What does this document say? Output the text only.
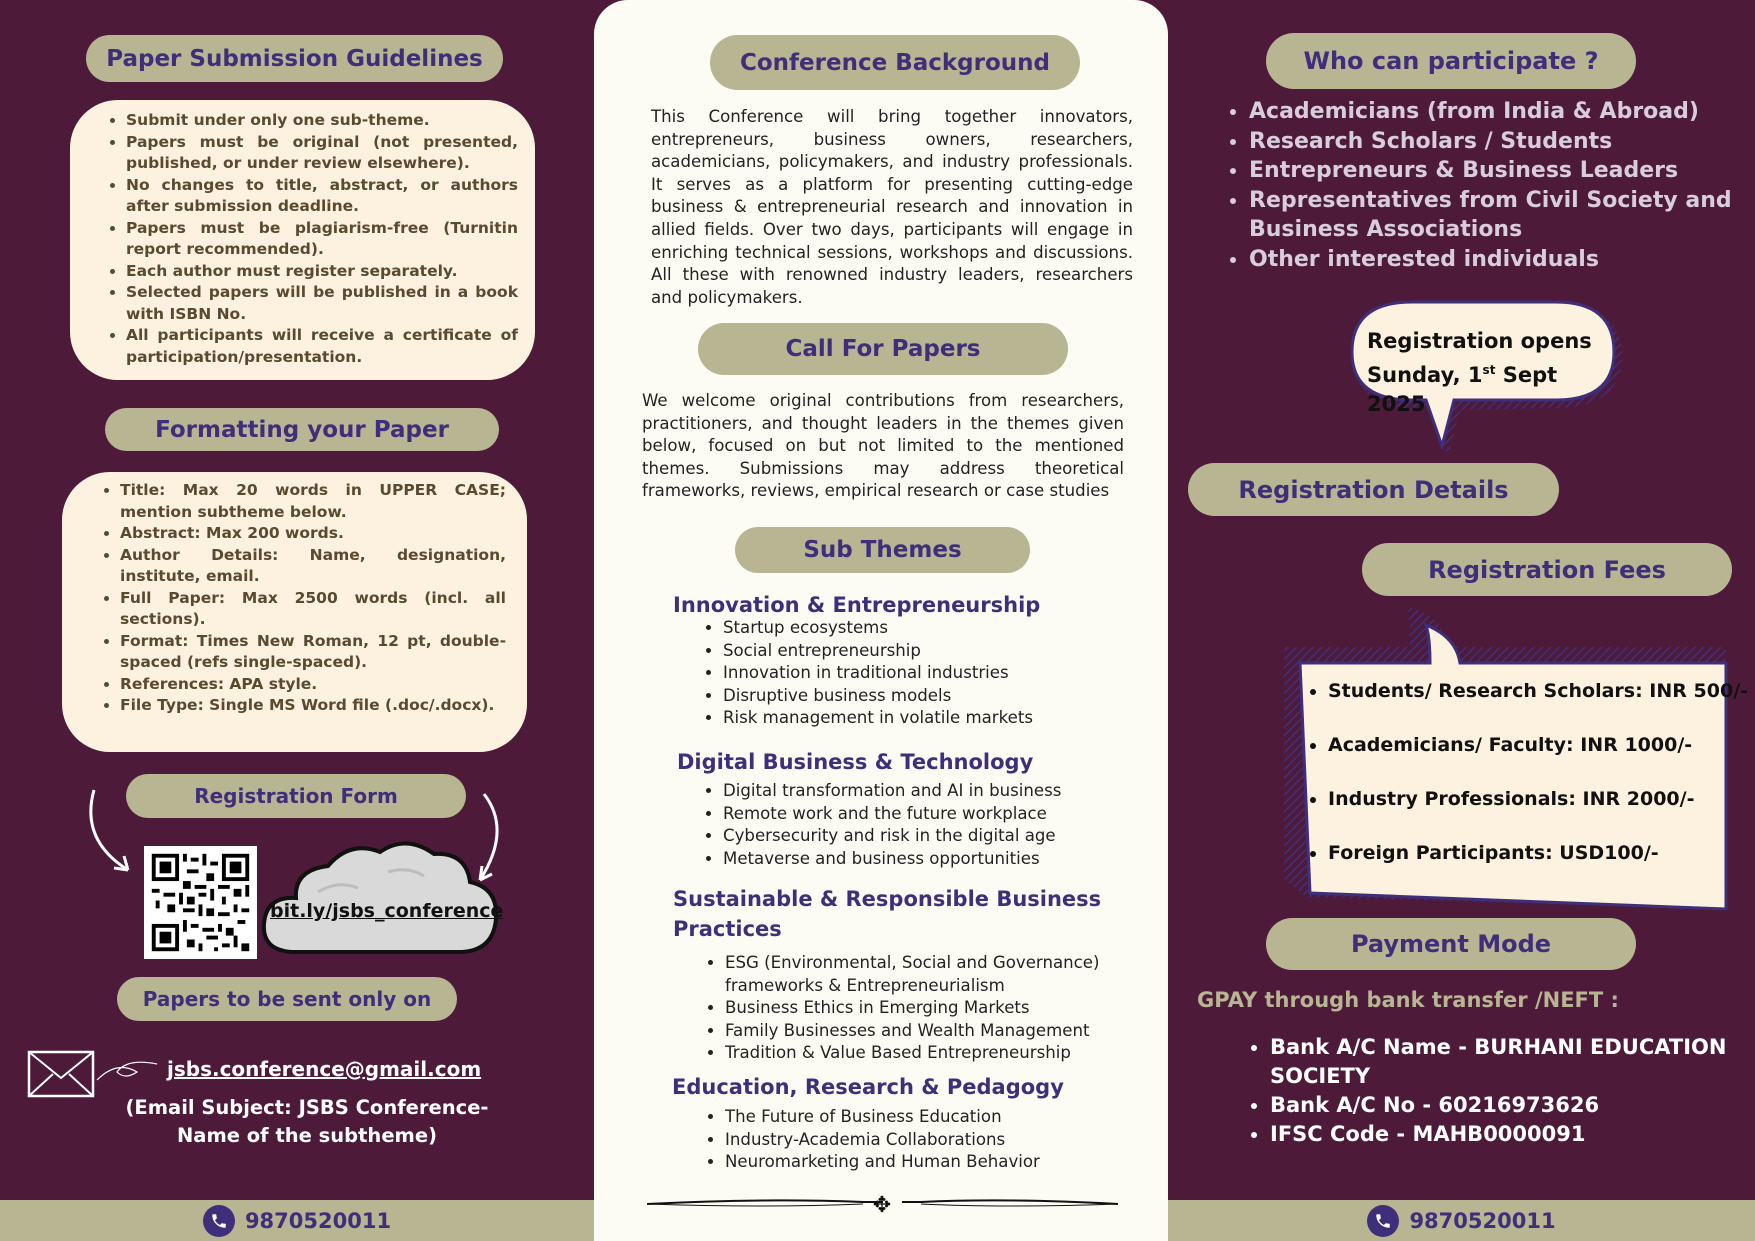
Paper Submission Guidelines
• Submit under only one sub-theme.
• Papers must be original (not presented, published, or under review elsewhere).
• No changes to title, abstract, or authors after submission deadline.
• Papers must be plagiarism-free (Turnitin report recommended).
• Each author must register separately.
• Selected papers will be published in a book with ISBN No.
• All participants will receive a certificate of participation/presentation.
Formatting your Paper
• Title: Max 20 words in UPPER CASE; mention subtheme below.
• Abstract: Max 200 words.
• Author Details: Name, designation, institute, email.
• Full Paper: Max 2500 words (incl. all sections).
• Format: Times New Roman, 12 pt, double-spaced (refs single-spaced).
• References: APA style.
• File Type: Single MS Word file (.doc/.docx).
Registration Form
bit.ly/jsbs_conference
Papers to be sent only on
jsbs.conference@gmail.com
(Email Subject: JSBS Conference-Name of the subtheme)
9870520011
Conference Background
This Conference will bring together innovators, entrepreneurs, business owners, researchers, academicians, policymakers, and industry professionals. It serves as a platform for presenting cutting-edge business & entrepreneurial research and innovation in allied fields. Over two days, participants will engage in enriching technical sessions, workshops and discussions. All these with renowned industry leaders, researchers and policymakers.
Call For Papers
We welcome original contributions from researchers, practitioners, and thought leaders in the themes given below, focused on but not limited to the mentioned themes. Submissions may address theoretical frameworks, reviews, empirical research or case studies
Sub Themes
Innovation & Entrepreneurship
• Startup ecosystems
• Social entrepreneurship
• Innovation in traditional industries
• Disruptive business models
• Risk management in volatile markets
Digital Business & Technology
• Digital transformation and AI in business
• Remote work and the future workplace
• Cybersecurity and risk in the digital age
• Metaverse and business opportunities
Sustainable & Responsible Business Practices
• ESG (Environmental, Social and Governance) frameworks & Entrepreneurialism
• Business Ethics in Emerging Markets
• Family Businesses and Wealth Management
• Tradition & Value Based Entrepreneurship
Education, Research & Pedagogy
• The Future of Business Education
• Industry-Academia Collaborations
• Neuromarketing and Human Behavior
✥
Who can participate ?
• Academicians (from India & Abroad)
• Research Scholars / Students
• Entrepreneurs & Business Leaders
• Representatives from Civil Society and Business Associations
• Other interested individuals
Registration opens
Sunday, 1st Sept 2025
Registration Details
Registration Fees
• Students/ Research Scholars: INR 500/-
• Academicians/ Faculty: INR 1000/-
• Industry Professionals: INR 2000/-
• Foreign Participants: USD100/-
Payment Mode
GPAY through bank transfer /NEFT :
• Bank A/C Name - BURHANI EDUCATION SOCIETY
• Bank A/C No - 60216973626
• IFSC Code - MAHB0000091
9870520011
